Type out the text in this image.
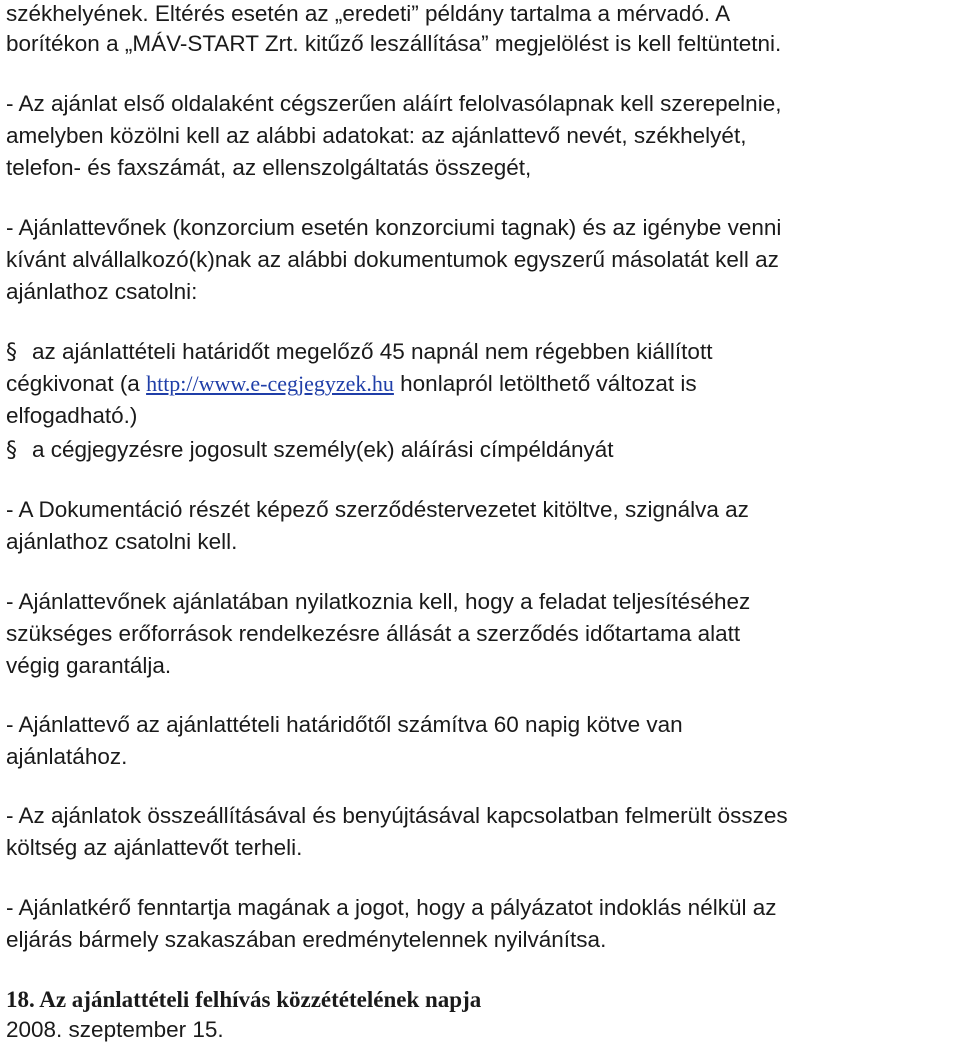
székhelyének. Eltérés esetén az „eredeti” példány tartalma a mérvadó. A
borítékon a „MÁV-START Zrt. kitűző leszállítása” megjelölést is kell feltüntetni.
- Az ajánlat első oldalaként cégszerűen aláírt felolvasólapnak kell szerepelnie,
amelyben közölni kell az alábbi adatokat: az ajánlattevő nevét, székhelyét,
telefon- és faxszámát, az ellenszolgáltatás összegét,
- Ajánlattevőnek (konzorcium esetén konzorciumi tagnak) és az igénybe venni
kívánt alvállalkozó(k)nak az alábbi dokumentumok egyszerű másolatát kell az
ajánlathoz csatolni:
§ az ajánlattételi határidőt megelőző 45 napnál nem régebben kiállított
cégkivonat (a http://www.e-cegjegyzek.hu honlapról letölthető változat is
elfogadható.)
§ a cégjegyzésre jogosult személy(ek) aláírási címpéldányát
- A Dokumentáció részét képező szerződéstervezetet kitöltve, szignálva az
ajánlathoz csatolni kell.
- Ajánlattevőnek ajánlatában nyilatkoznia kell, hogy a feladat teljesítéséhez
szükséges erőforrások rendelkezésre állását a szerződés időtartama alatt
végig garantálja.
- Ajánlattevő az ajánlattételi határidőtől számítva 60 napig kötve van
ajánlatához.
- Az ajánlatok összeállításával és benyújtásával kapcsolatban felmerült összes
költség az ajánlattevőt terheli.
- Ajánlatkérő fenntartja magának a jogot, hogy a pályázatot indoklás nélkül az
eljárás bármely szakaszában eredménytelennek nyilvánítsa.
18. Az ajánlattételi felhívás közzétételének napja
2008. szeptember 15.
